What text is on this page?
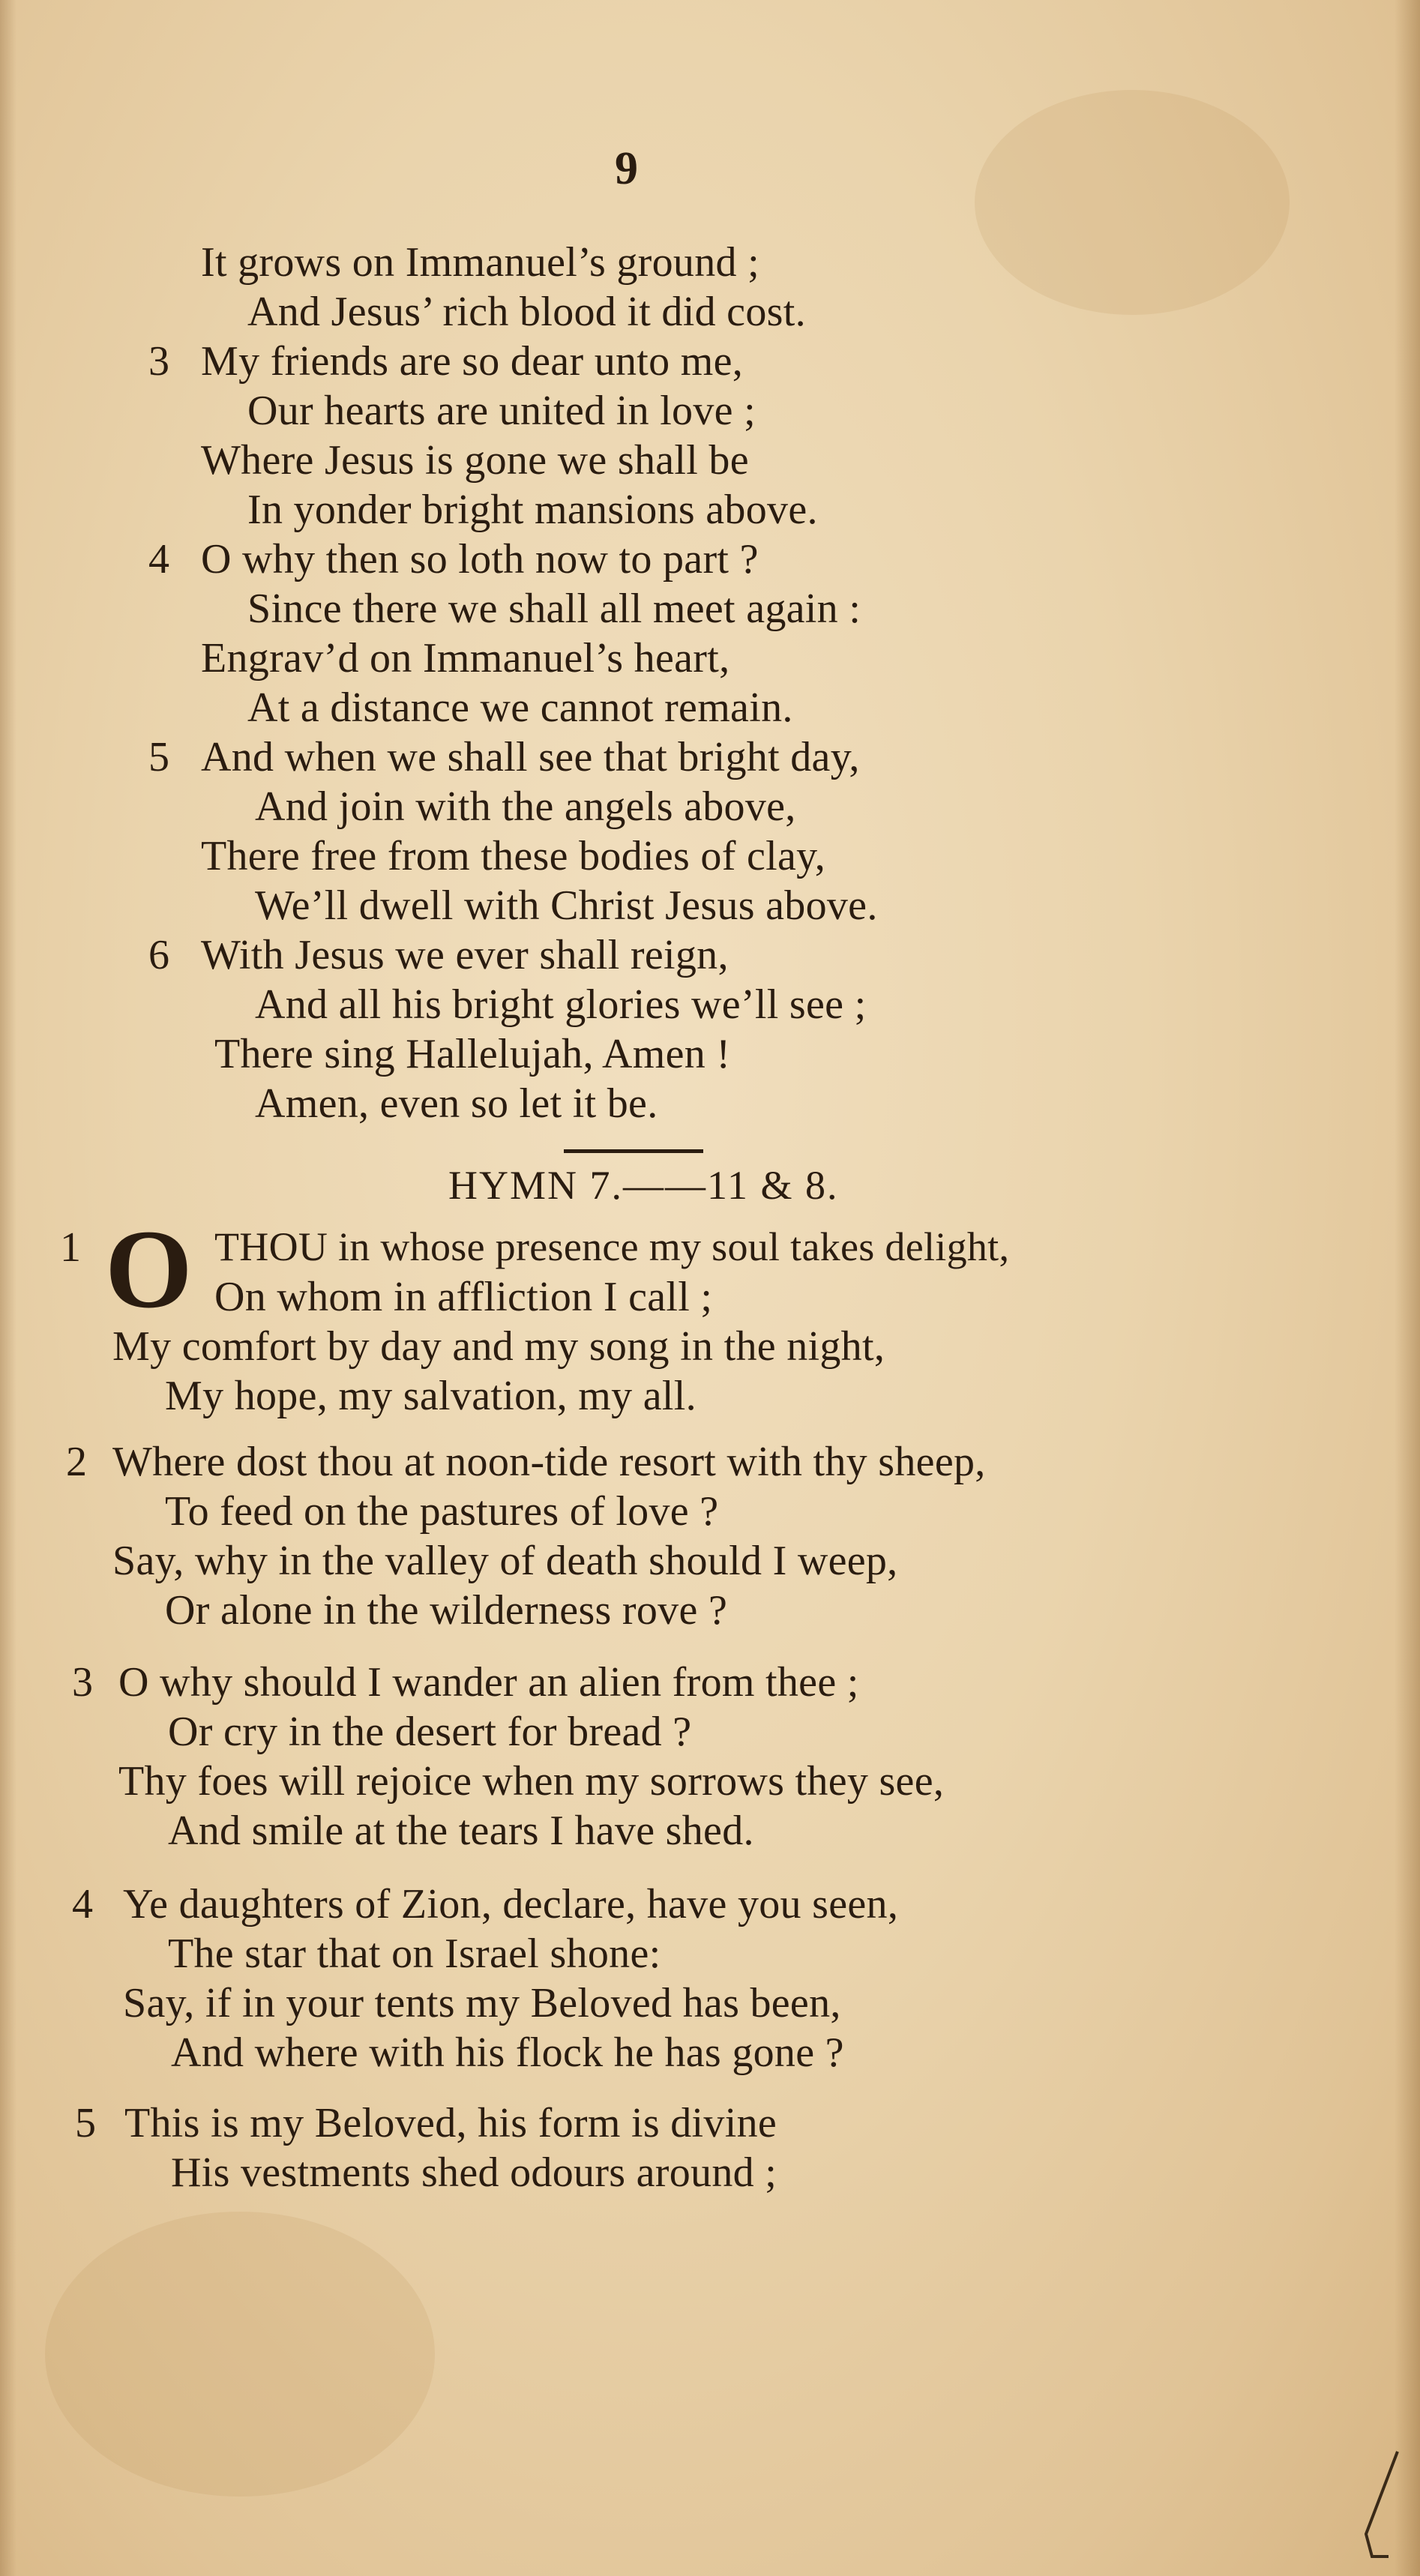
9
It grows on Immanuel’s ground ;
And Jesus’ rich blood it did cost.
3 My friends are so dear unto me,
Our hearts are united in love ;
Where Jesus is gone we shall be
In yonder bright mansions above.
4 O why then so loth now to part ?
Since there we shall all meet again :
Engrav’d on Immanuel’s heart,
At a distance we cannot remain.
5 And when we shall see that bright day,
And join with the angels above,
There free from these bodies of clay,
We’ll dwell with Christ Jesus above.
6 With Jesus we ever shall reign,
And all his bright glories we’ll see ;
There sing Hallelujah, Amen !
Amen, even so let it be.
HYMN 7.——11 & 8.
1 O THOU in whose presence my soul takes delight,
On whom in affliction I call ;
My comfort by day and my song in the night,
My hope, my salvation, my all.
2 Where dost thou at noon-tide resort with thy sheep,
To feed on the pastures of love ?
Say, why in the valley of death should I weep,
Or alone in the wilderness rove ?
3 O why should I wander an alien from thee ;
Or cry in the desert for bread ?
Thy foes will rejoice when my sorrows they see,
And smile at the tears I have shed.
4 Ye daughters of Zion, declare, have you seen,
The star that on Israel shone:
Say, if in your tents my Beloved has been,
And where with his flock he has gone ?
5 This is my Beloved, his form is divine
His vestments shed odours around ;
